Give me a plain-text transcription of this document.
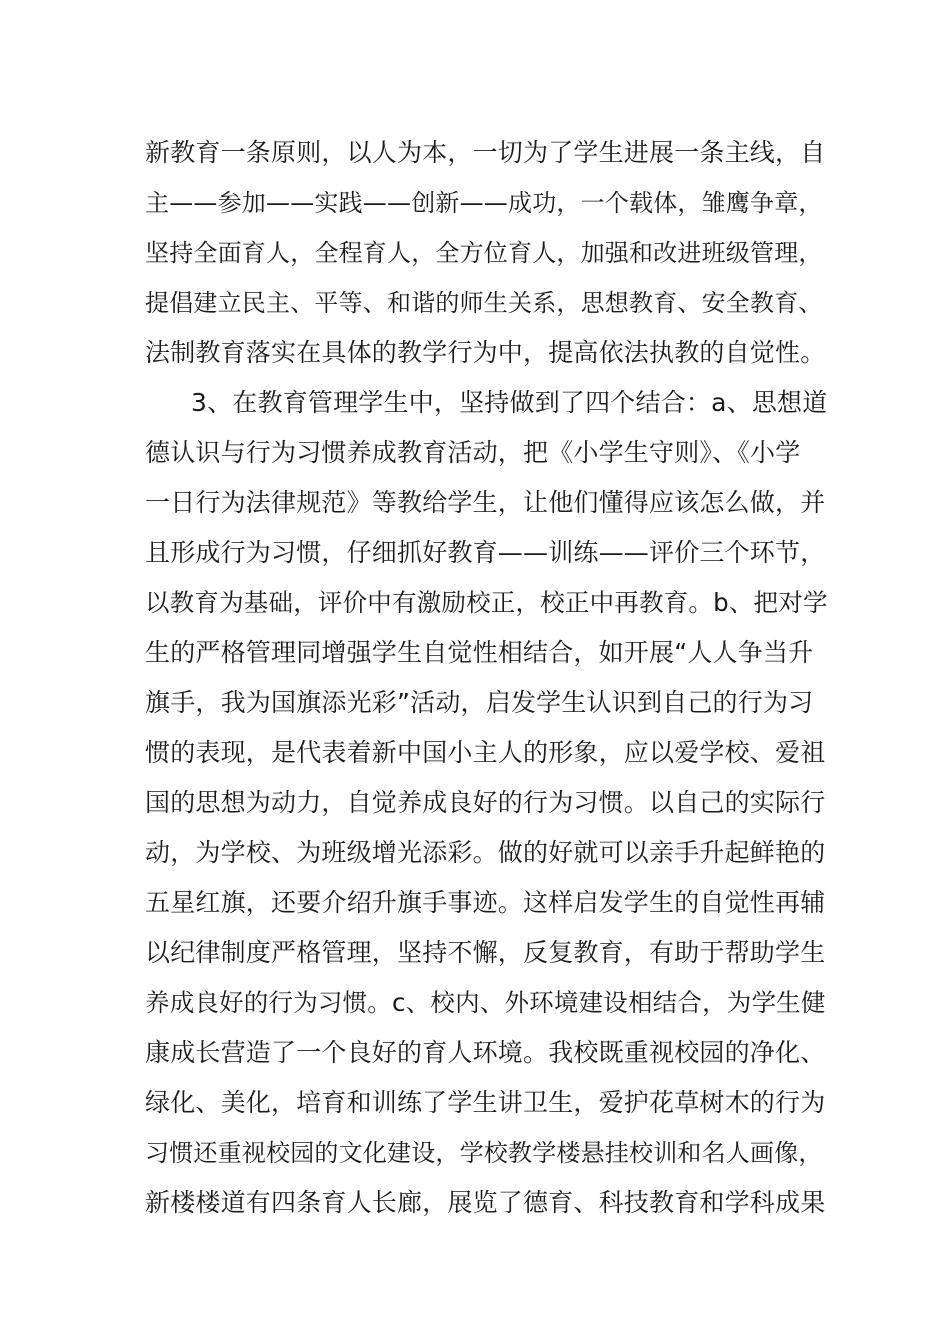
新教育一条原则，以人为本，一切为了学生进展一条主线，自
主——参加——实践——创新——成功，一个载体，雏鹰争章，
坚持全面育人，全程育人，全方位育人，加强和改进班级管理，
提倡建立民主、平等、和谐的师生关系，思想教育、安全教育、
法制教育落实在具体的教学行为中，提高依法执教的自觉性。
3、在教育管理学生中，坚持做到了四个结合：a、思想道
德认识与行为习惯养成教育活动，把《小学生守则》、《小学
一日行为法律规范》等教给学生，让他们懂得应该怎么做，并
且形成行为习惯，仔细抓好教育——训练——评价三个环节，
以教育为基础，评价中有激励校正，校正中再教育。b、把对学
生的严格管理同增强学生自觉性相结合，如开展“人人争当升
旗手，我为国旗添光彩”活动，启发学生认识到自己的行为习
惯的表现，是代表着新中国小主人的形象，应以爱学校、爱祖
国的思想为动力，自觉养成良好的行为习惯。以自己的实际行
动，为学校、为班级增光添彩。做的好就可以亲手升起鲜艳的
五星红旗，还要介绍升旗手事迹。这样启发学生的自觉性再辅
以纪律制度严格管理，坚持不懈，反复教育，有助于帮助学生
养成良好的行为习惯。c、校内、外环境建设相结合，为学生健
康成长营造了一个良好的育人环境。我校既重视校园的净化、
绿化、美化，培育和训练了学生讲卫生，爱护花草树木的行为
习惯还重视校园的文化建设，学校教学楼悬挂校训和名人画像，
新楼楼道有四条育人长廊，展览了德育、科技教育和学科成果
